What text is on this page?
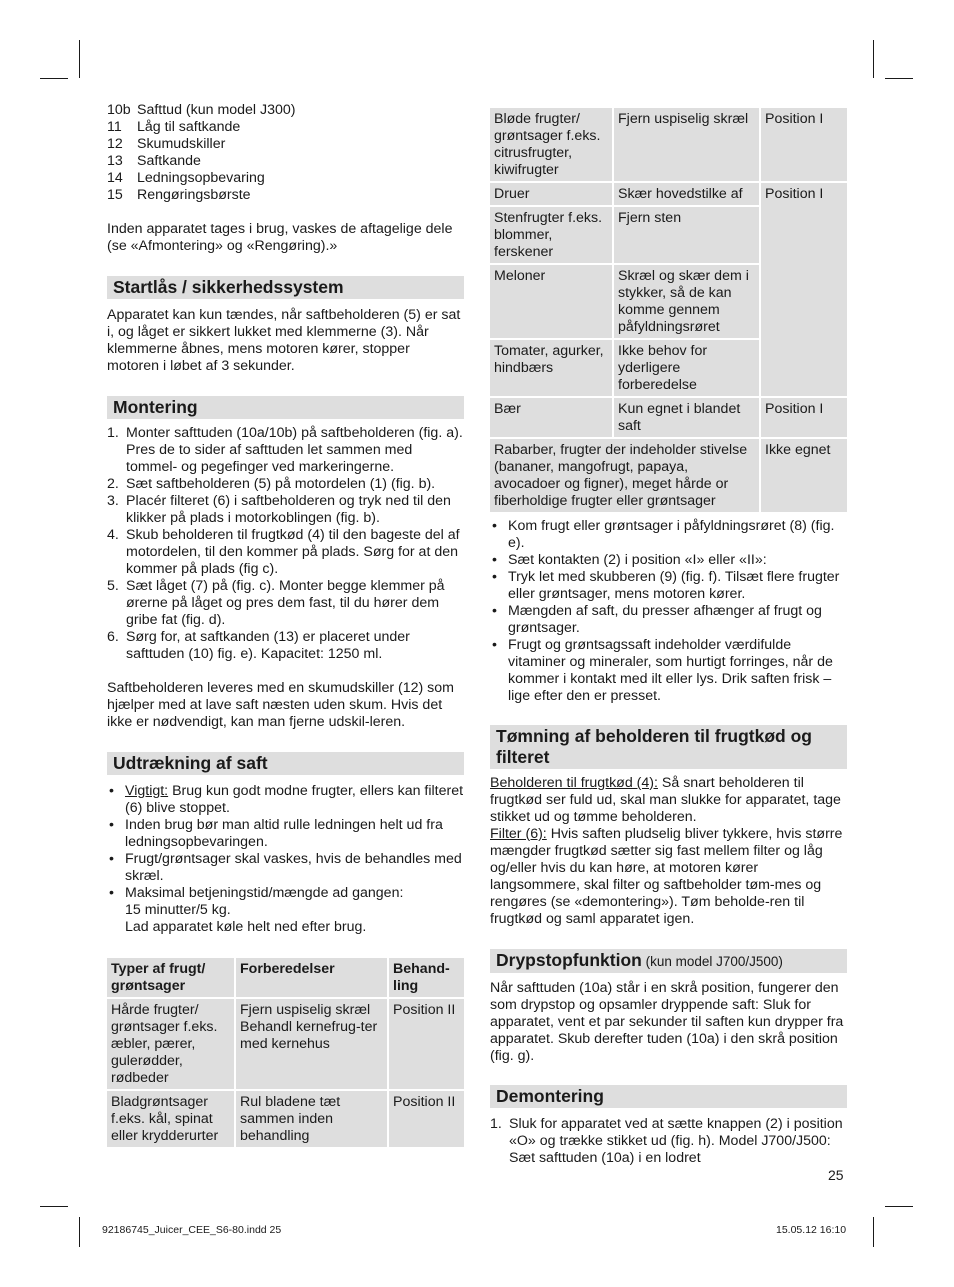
10b Safttud (kun model J300)
11	Låg til saftkande
12	Skumudskiller
13	Saftkande
14	Ledningsopbevaring
15	Rengøringsbørste

Inden apparatet tages i brug, vaskes de aftagelige dele (se «Afmontering» og «Rengøring).»

Startlås / sikkerhedssystem

Apparatet kan kun tændes, når saftbeholderen (5) er sat i, og låget er sikkert lukket med klemmerne (3). Når klemmerne åbnes, mens motoren kører, stopper motoren i løbet af 3 sekunder.

Montering
1. Monter safttuden (10a/10b) på saftbeholderen (fig. a). Pres de to sider af safttuden let sammen med tommel- og pegefinger ved markeringerne.
2. Sæt saftbeholderen (5) på motordelen (1) (fig. b).
3. Placér filteret (6) i saftbeholderen og tryk ned til den klikker på plads i motorkoblingen (fig. b).
4. Skub beholderen til frugtkød (4) til den bageste del af motordelen, til den kommer på plads. Sørg for at den kommer på plads (fig c).
5. Sæt låget (7) på (fig. c). Monter begge klemmer på ørerne på låget og pres dem fast, til du hører dem gribe fat (fig. d).
6. Sørg for, at saftkanden (13) er placeret under safttuden (10) fig. e). Kapacitet: 1250 ml.

Saftbeholderen leveres med en skumudskiller (12) som hjælper med at lave saft næsten uden skum. Hvis det ikke er nødvendigt, kan man fjerne udskil-leren.

Udtrækning af saft
• Vigtigt: Brug kun godt modne frugter, ellers kan filteret (6) blive stoppet.
• Inden brug bør man altid rulle ledningen helt ud fra ledningsopbevaringen.
• Frugt/grøntsager skal vaskes, hvis de behandles med skræl.
• Maksimal betjeningstid/mængde ad gangen:
15 minutter/5 kg.
Lad apparatet køle helt ned efter brug.
Typer af frugt/ grøntsager	Forberedelser	Behand-ling
Hårde frugter/ grøntsager f.eks. æbler, pærer, gulerødder, rødbeder	Fjern uspiselig skræl Behandl kernefrug-ter med kernehus	Position II
Bladgrøntsager f.eks. kål, spinat eller krydderurter	Rul bladene tæt sammen inden behandling	Position II
Bløde frugter/ grøntsager f.eks. citrusfrugter, kiwifrugter	Fjern uspiselig skræl	Position I
Druer	Skær hovedstilke af	Position I
Stenfrugter f.eks. blommer, ferskener	Fjern sten	
Meloner	Skræl og skær dem i stykker, så de kan komme gennem påfyldningsrøret	
Tomater, agurker, hindbærs	Ikke behov for yderligere forberedelse	
Bær	Kun egnet i blandet saft	Position I
Rabarber, frugter der indeholder stivelse (bananer, mangofrugt, papaya, avocadoer og figner), meget hårde or fiberholdige frugter eller grøntsager		Ikke egnet
• Kom frugt eller grøntsager i påfyldningsrøret (8) (fig. e).
• Sæt kontakten (2) i position «I» eller «II»:
• Tryk let med skubberen (9) (fig. f). Tilsæt flere frugter eller grøntsager, mens motoren kører.
• Mængden af saft, du presser afhænger af frugt og grøntsager.
• Frugt og grøntsagssaft indeholder værdifulde vitaminer og mineraler, som hurtigt forringes, når de kommer i kontakt med ilt eller lys. Drik saften frisk – lige efter den er presset.
Tømning af beholderen til frugtkød og filteret

Beholderen til frugtkød (4): Så snart beholderen til frugtkød ser fuld ud, skal man slukke for apparatet, tage stikket ud og tømme beholderen.
Filter (6): Hvis saften pludselig bliver tykkere, hvis større mængder frugtkød sætter sig fast mellem filter og låg og/eller hvis du kan høre, at motoren kører langsommere, skal filter og saftbeholder tøm-mes og rengøres (se «demontering»). Tøm beholde-ren til frugtkød og saml apparatet igen.

Drypstopfunktion (kun model J700/J500)

Når safttuden (10a) står i en skrå position, fungerer den som drypstop og opsamler dryppende saft: Sluk for apparatet, vent et par sekunder til saften kun drypper fra apparatet. Skub derefter tuden (10a) i den skrå position (fig. g).

Demontering
1. Sluk for apparatet ved at sætte knappen (2) i position «O» og trække stikket ud (fig. h). Model J700/J500: Sæt safttuden (10a) i en lodret
25
92186745_Juicer_CEE_S6-80.indd 25	15.05.12 16:10
